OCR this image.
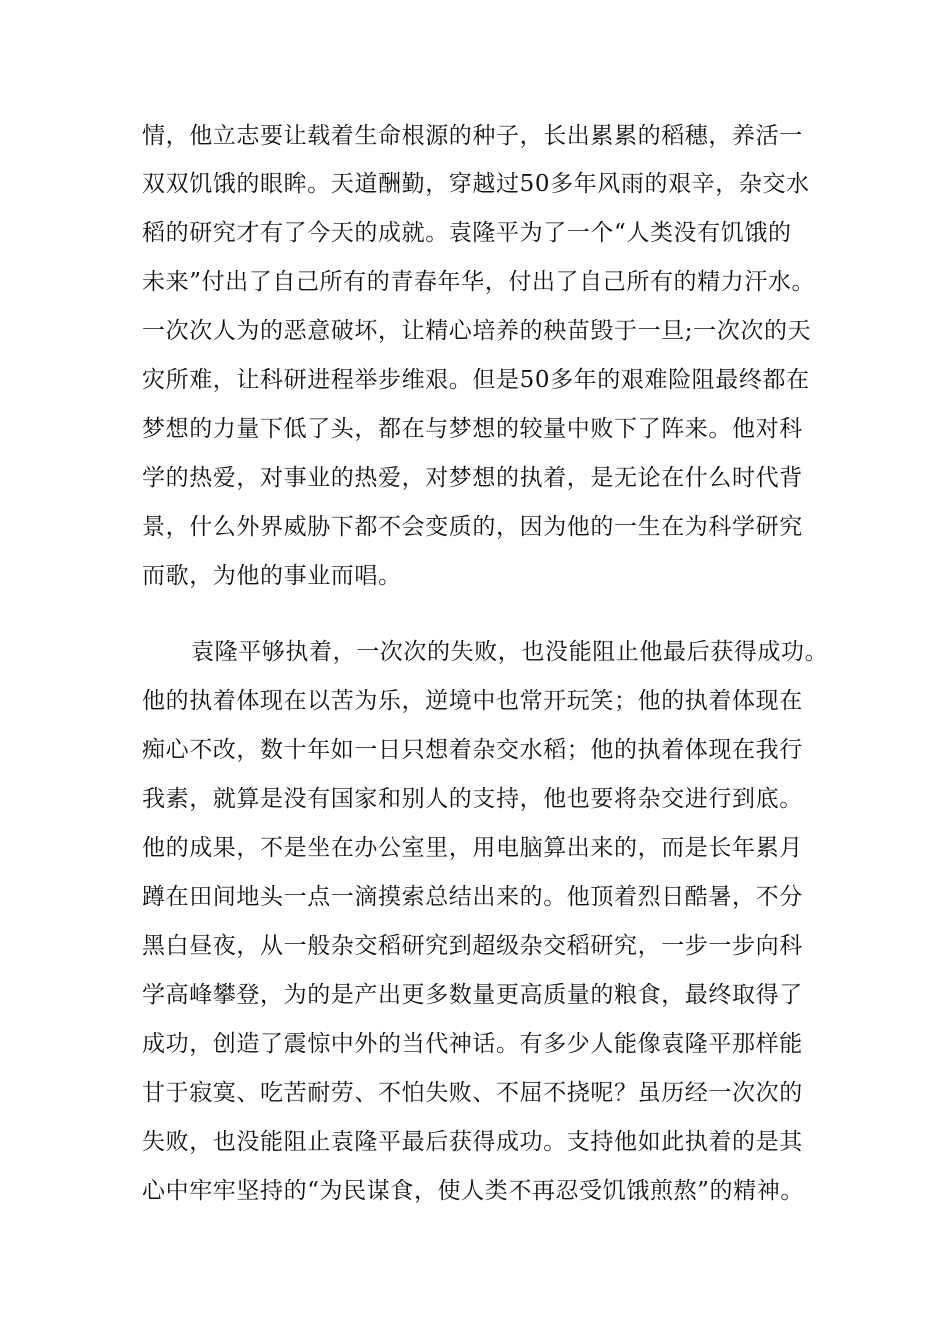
情，他立志要让载着生命根源的种子，长出累累的稻穗，养活一
双双饥饿的眼眸。天道酬勤，穿越过50多年风雨的艰辛，杂交水
稻的研究才有了今天的成就。袁隆平为了一个“人类没有饥饿的
未来”付出了自己所有的青春年华，付出了自己所有的精力汗水。
一次次人为的恶意破坏，让精心培养的秧苗毁于一旦;一次次的天
灾所难，让科研进程举步维艰。但是50多年的艰难险阻最终都在
梦想的力量下低了头，都在与梦想的较量中败下了阵来。他对科
学的热爱，对事业的热爱，对梦想的执着，是无论在什么时代背
景，什么外界威胁下都不会变质的，因为他的一生在为科学研究
而歌，为他的事业而唱。
袁隆平够执着，一次次的失败，也没能阻止他最后获得成功。
他的执着体现在以苦为乐，逆境中也常开玩笑；他的执着体现在
痴心不改，数十年如一日只想着杂交水稻；他的执着体现在我行
我素，就算是没有国家和别人的支持，他也要将杂交进行到底。
他的成果，不是坐在办公室里，用电脑算出来的，而是长年累月
蹲在田间地头一点一滴摸索总结出来的。他顶着烈日酷暑，不分
黑白昼夜，从一般杂交稻研究到超级杂交稻研究，一步一步向科
学高峰攀登，为的是产出更多数量更高质量的粮食，最终取得了
成功，创造了震惊中外的当代神话。有多少人能像袁隆平那样能
甘于寂寞、吃苦耐劳、不怕失败、不屈不挠呢？虽历经一次次的
失败，也没能阻止袁隆平最后获得成功。支持他如此执着的是其
心中牢牢坚持的“为民谋食，使人类不再忍受饥饿煎熬”的精神。
